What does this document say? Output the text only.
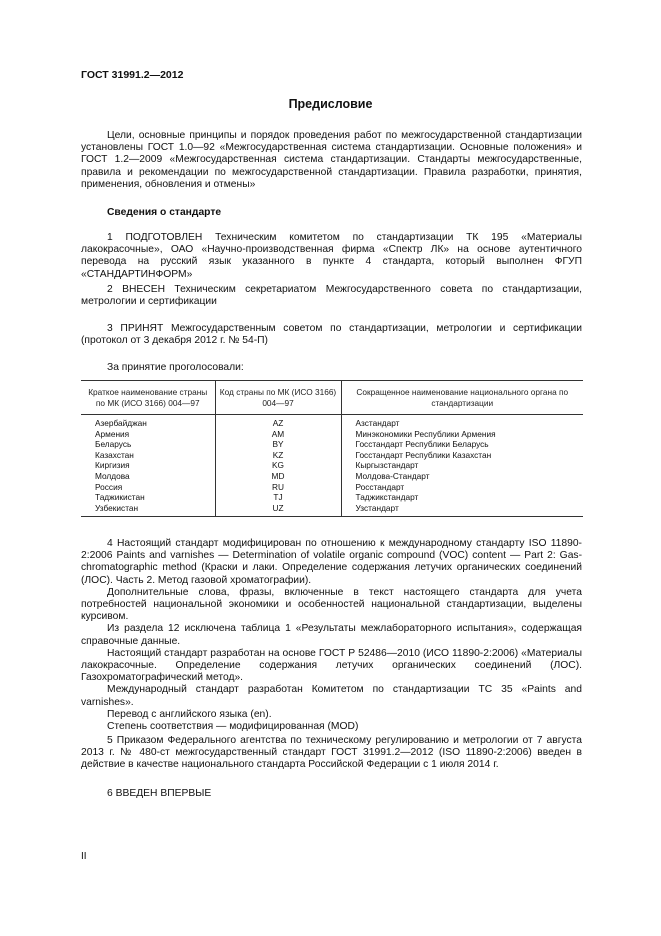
ГОСТ 31991.2—2012
Предисловие
Цели, основные принципы и порядок проведения работ по межгосударственной стандартизации установлены ГОСТ 1.0—92 «Межгосударственная система стандартизации. Основные положения» и ГОСТ 1.2—2009 «Межгосударственная система стандартизации. Стандарты межгосударственные, правила и рекомендации по межгосударственной стандартизации. Правила разработки, принятия, применения, обновления и отмены»
Сведения о стандарте
1 ПОДГОТОВЛЕН Техническим комитетом по стандартизации ТК 195 «Материалы лакокрасочные», ОАО «Научно-производственная фирма «Спектр ЛК» на основе аутентичного перевода на русский язык указанного в пункте 4 стандарта, который выполнен ФГУП «СТАНДАРТИНФОРМ»
2 ВНЕСЕН Техническим секретариатом Межгосударственного совета по стандартизации, метрологии и сертификации
3 ПРИНЯТ Межгосударственным советом по стандартизации, метрологии и сертификации (протокол от 3 декабря 2012 г. № 54-П)
За принятие проголосовали:
Краткое наименование страны по МК (ИСО 3166) 004—97	Код страны по МК (ИСО 3166) 004—97	Сокращенное наименование национального органа по стандартизации
Азербайджан	AZ	Азстандарт
Армения	AM	Минэкономики Республики Армения
Беларусь	BY	Госстандарт Республики Беларусь
Казахстан	KZ	Госстандарт Республики Казахстан
Киргизия	KG	Кыргызстандарт
Молдова	MD	Молдова-Стандарт
Россия	RU	Росстандарт
Таджикистан	TJ	Таджикстандарт
Узбекистан	UZ	Узстандарт

4 Настоящий стандарт модифицирован по отношению к международному стандарту ISO 11890-2:2006 Paints and varnishes — Determination of volatile organic compound (VOC) content — Part 2: Gas-chromatographic method (Краски и лаки. Определение содержания летучих органических соединений (ЛОС). Часть 2. Метод газовой хроматографии).

Дополнительные слова, фразы, включенные в текст настоящего стандарта для учета потребностей национальной экономики и особенностей национальной стандартизации, выделены курсивом.

Из раздела 12 исключена таблица 1 «Результаты межлабораторного испытания», содержащая справочные данные.

Настоящий стандарт разработан на основе ГОСТ Р 52486—2010 (ИСО 11890-2:2006) «Материалы лакокрасочные. Определение содержания летучих органических соединений (ЛОС). Газохроматографический метод».

Международный стандарт разработан Комитетом по стандартизации ТС 35 «Paints and varnishes».

Перевод с английского языка (en).

Степень соответствия — модифицированная (MOD)

5 Приказом Федерального агентства по техническому регулированию и метрологии от 7 августа 2013 г. № 480-ст межгосударственный стандарт ГОСТ 31991.2—2012 (ISO 11890-2:2006) введен в действие в качестве национального стандарта Российской Федерации с 1 июля 2014 г.
6 ВВЕДЕН ВПЕРВЫЕ
II
